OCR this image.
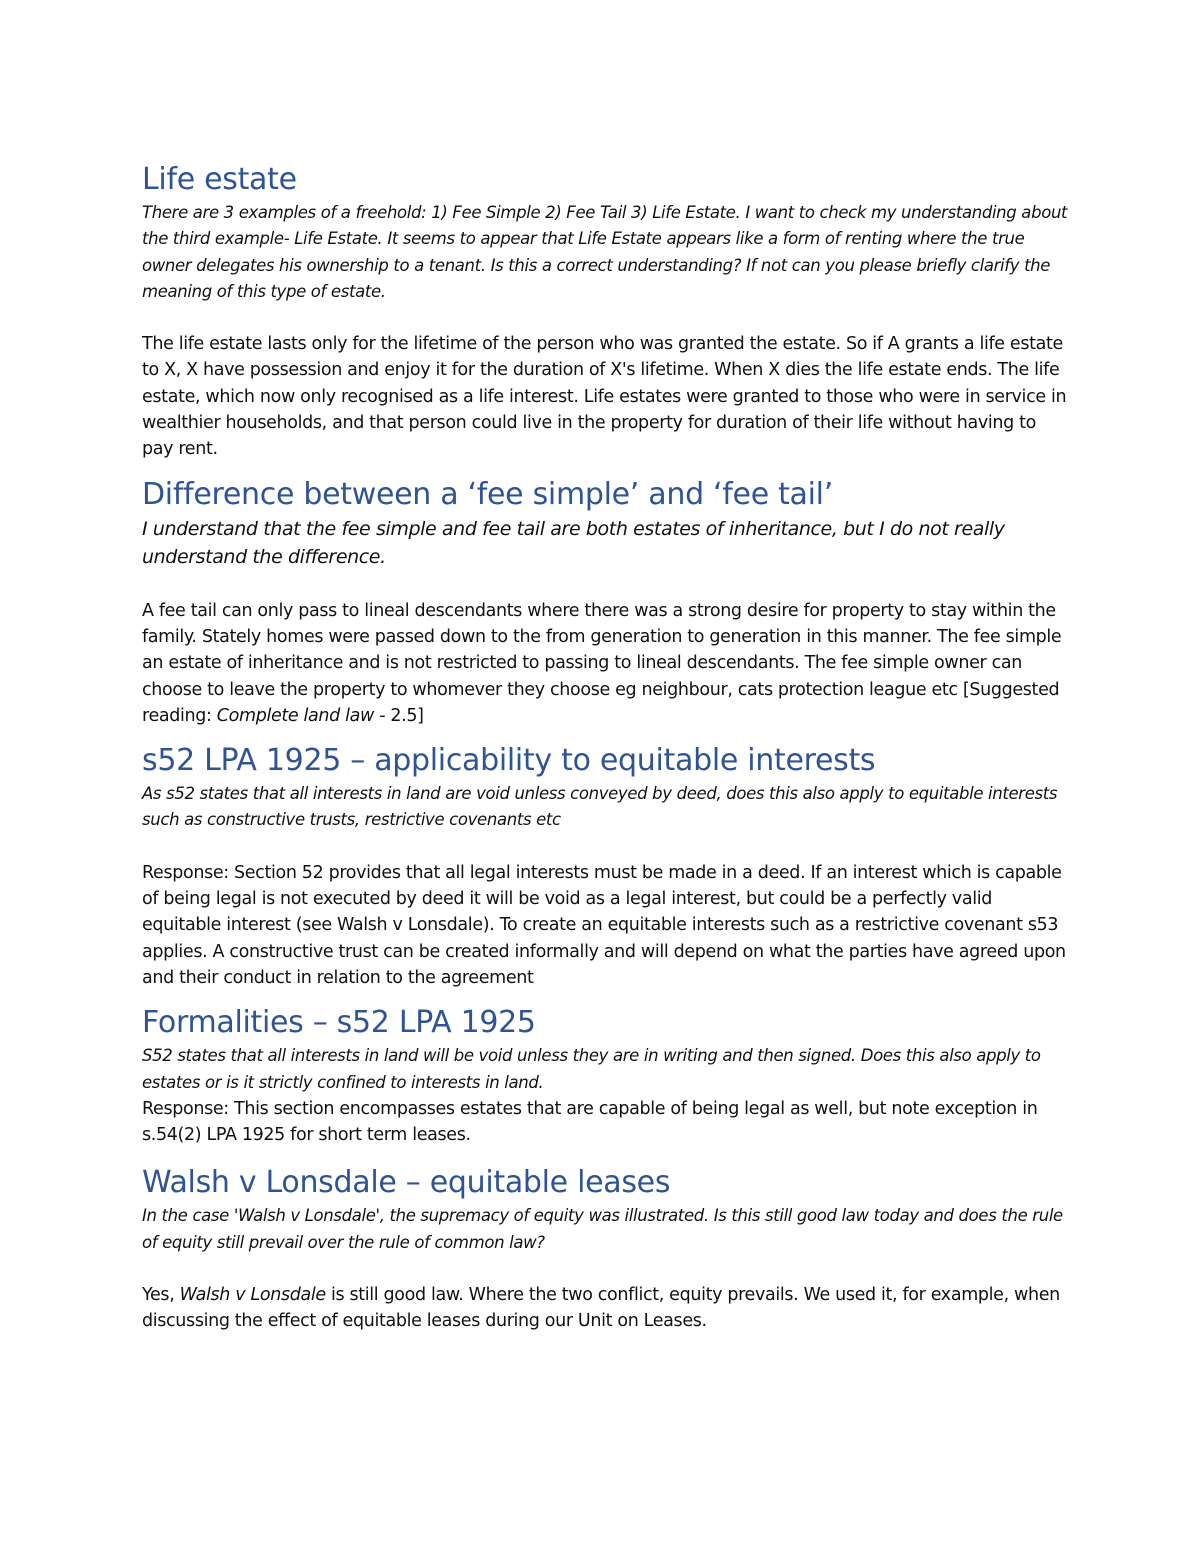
Life estate

There are 3 examples of a freehold: 1) Fee Simple 2) Fee Tail 3) Life Estate. I want to check my understanding about the third example- Life Estate. It seems to appear that Life Estate appears like a form of renting where the true owner delegates his ownership to a tenant. Is this a correct understanding? If not can you please briefly clarify the meaning of this type of estate.

The life estate lasts only for the lifetime of the person who was granted the estate. So if A grants a life estate to X, X have possession and enjoy it for the duration of X's lifetime. When X dies the life estate ends. The life estate, which now only recognised as a life interest. Life estates were granted to those who were in service in wealthier households, and that person could live in the property for duration of their life without having to pay rent.

Difference between a ‘fee simple’ and ‘fee tail’

I understand that the fee simple and fee tail are both estates of inheritance, but I do not really understand the difference.

A fee tail can only pass to lineal descendants where there was a strong desire for property to stay within the family. Stately homes were passed down to the from generation to generation in this manner. The fee simple an estate of inheritance and is not restricted to passing to lineal descendants. The fee simple owner can choose to leave the property to whomever they choose eg neighbour, cats protection league etc [Suggested reading: Complete land law - 2.5]

s52 LPA 1925 – applicability to equitable interests

As s52 states that all interests in land are void unless conveyed by deed, does this also apply to equitable interests such as constructive trusts, restrictive covenants etc

Response: Section 52 provides that all legal interests must be made in a deed. If an interest which is capable of being legal is not executed by deed it will be void as a legal interest, but could be a perfectly valid equitable interest (see Walsh v Lonsdale). To create an equitable interests such as a restrictive covenant s53 applies. A constructive trust can be created informally and will depend on what the parties have agreed upon and their conduct in relation to the agreement

Formalities – s52 LPA 1925

S52 states that all interests in land will be void unless they are in writing and then signed. Does this also apply to estates or is it strictly confined to interests in land.

Response: This section encompasses estates that are capable of being legal as well, but note exception in s.54(2) LPA 1925 for short term leases.

Walsh v Lonsdale – equitable leases

In the case 'Walsh v Lonsdale', the supremacy of equity was illustrated. Is this still good law today and does the rule of equity still prevail over the rule of common law?

Yes, Walsh v Lonsdale is still good law. Where the two conflict, equity prevails. We used it, for example, when discussing the effect of equitable leases during our Unit on Leases.
